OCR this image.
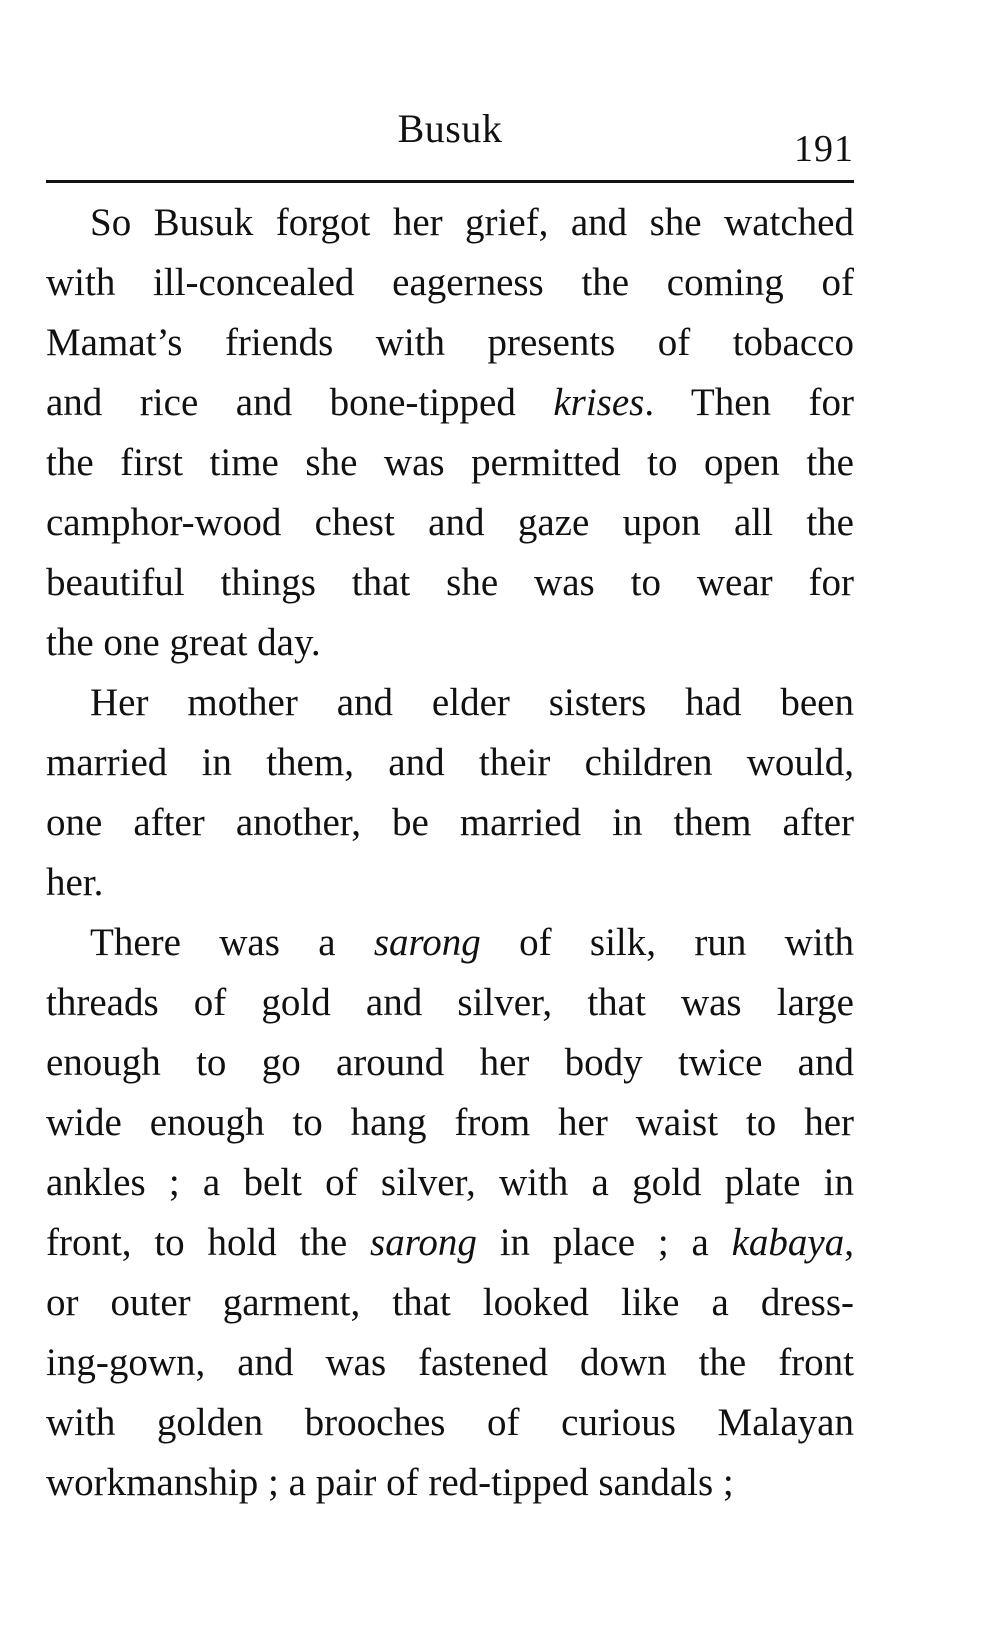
Busuk	191
So Busuk forgot her grief, and she watched
with ill-concealed eagerness the coming of
Mamat’s friends with presents of tobacco
and rice and bone-tipped krises. Then for
the first time she was permitted to open the
camphor-wood chest and gaze upon all the
beautiful things that she was to wear for
the one great day.
Her mother and elder sisters had been
married in them, and their children would,
one after another, be married in them after
her.
There was a sarong of silk, run with
threads of gold and silver, that was large
enough to go around her body twice and
wide enough to hang from her waist to her
ankles ; a belt of silver, with a gold plate in
front, to hold the sarong in place ; a kabaya,
or outer garment, that looked like a dress-
ing-gown, and was fastened down the front
with golden brooches of curious Malayan
workmanship ; a pair of red-tipped sandals ;
